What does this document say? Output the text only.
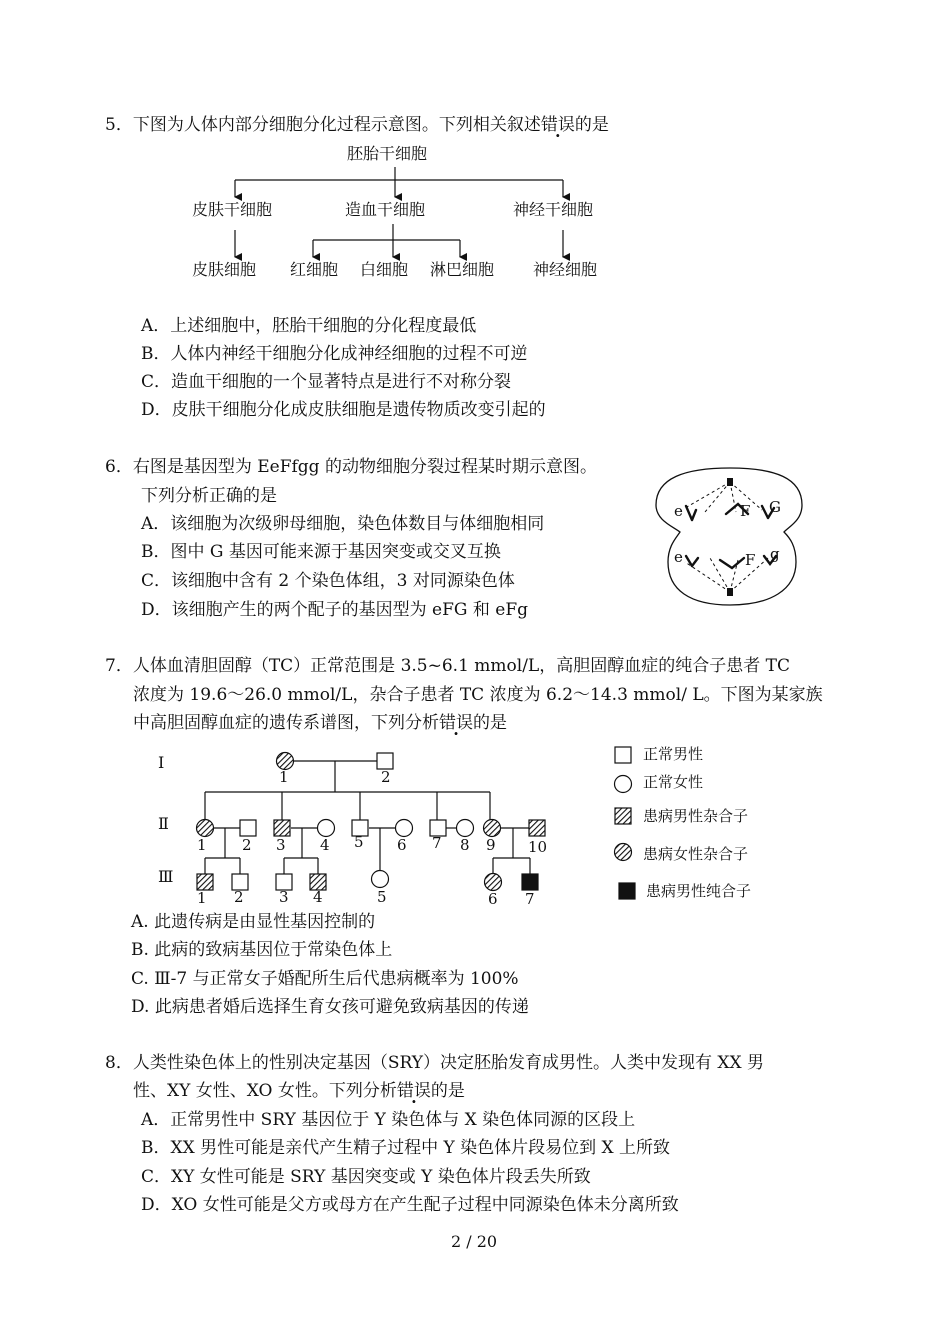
5．下图为人体内部分细胞分化过程示意图。下列相关叙述错误的是
胚胎干细胞
皮肤干细胞	造血干细胞	神经干细胞
皮肤细胞 红细胞 白细胞 淋巴细胞 神经细胞
A．上述细胞中，胚胎干细胞的分化程度最低
B．人体内神经干细胞分化成神经细胞的过程不可逆
C．造血干细胞的一个显著特点是进行不对称分裂
D．皮肤干细胞分化成皮肤细胞是遗传物质改变引起的
6．右图是基因型为 EeFfgg 的动物细胞分裂过程某时期示意图。
下列分析正确的是
A．该细胞为次级卵母细胞，染色体数目与体细胞相同
B．图中 G 基因可能来源于基因突变或交叉互换
C．该细胞中含有 2 个染色体组，3 对同源染色体
D．该细胞产生的两个配子的基因型为 eFG 和 eFg
e	F G
e	F g
7．人体血清胆固醇（TC）正常范围是 3.5~6.1 mmol/L，高胆固醇血症的纯合子患者 TC
浓度为 19.6～26.0 mmol/L，杂合子患者 TC 浓度为 6.2～14.3 mmol/ L。下图为某家族
中高胆固醇血症的遗传系谱图，下列分析错误的是
Ⅰ
Ⅱ
Ⅲ
1	2
1 2 3 4 5 6 7 8 9 10
1 2 3 4	5	6 7
正常男性
正常女性
患病男性杂合子
患病女性杂合子
患病男性纯合子
A. 此遗传病是由显性基因控制的
B. 此病的致病基因位于常染色体上
C. Ⅲ-7 与正常女子婚配所生后代患病概率为 100%
D. 此病患者婚后选择生育女孩可避免致病基因的传递
8．人类性染色体上的性别决定基因（SRY）决定胚胎发育成男性。人类中发现有 XX 男
性、XY 女性、XO 女性。下列分析错误的是
A．正常男性中 SRY 基因位于 Y 染色体与 X 染色体同源的区段上
B．XX 男性可能是亲代产生精子过程中 Y 染色体片段易位到 X 上所致
C．XY 女性可能是 SRY 基因突变或 Y 染色体片段丢失所致
D．XO 女性可能是父方或母方在产生配子过程中同源染色体未分离所致
2 / 20
